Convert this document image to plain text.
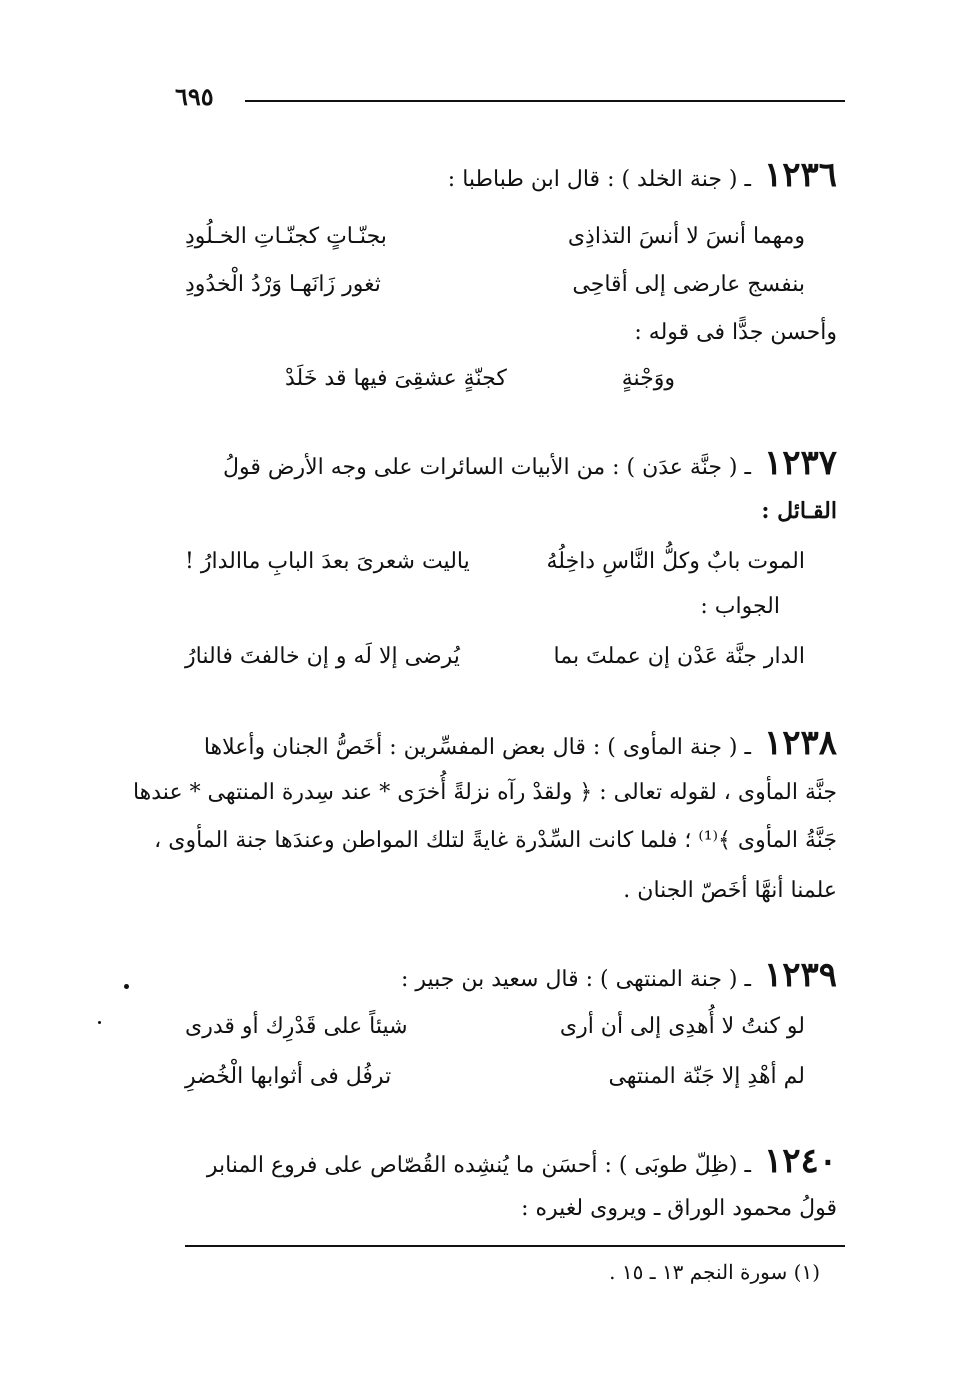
٦٩٥
١٢٣٦ ـ ( جنة الخلد ) : قال ابن طباطبا :
ومهما أنسَ لا أنسَ التذاذِى
بجنّـاتٍ كجنّـاتِ الخـلُودِ
بنفسج عارضى إلى أقاحِى
ثغور زَانَهـا وَرْدُ الْخدُودِ
وأحسن جدًّا فى قوله :
ووَجْنةٍ
كجنّةٍ عشقِىَ فيها قد خَلَدْ
١٢٣٧ ـ ( جنَّة عدَن ) : من الأبيات السائرات على وجه الأرض قولُ
القـائل :
الموت بابٌ وكلُّ النَّاسِ داخِلُهُ
ياليت شعرىَ بعدَ البابِ ماالدارُ !
الجواب :
الدار جنَّة عَدْن إن عملتَ بما
يُرضى إلا لَه و إن خالفتَ فالنارُ
١٢٣٨ ـ ( جنة المأوى ) : قال بعض المفسِّرين : أخَصُّ الجنان وأعلاها
جنَّة المأوى ، لقوله تعالى : ﴿ ولقدْ رآه نزلةً أُخرَى * عند سِدرة المنتهى * عندها
جَنَّةُ المأوى ﴾⁽¹⁾ ؛ فلما كانت السِّدْرة غايةً لتلك المواطن وعندَها جنة المأوى ،
علمنا أنهَّا أخَصّ الجنان .
١٢٣٩ ـ ( جنة المنتهى ) : قال سعيد بن جبير :
لو كنتُ لا أُهدِى إلى أن أرى
شيئاً على قَدْرِك أو قدرى
لم أهْدِ إلا جَنّة المنتهى
ترفُل فى أثوابها الْخُضرِ
١٢٤٠ ـ (ظِلّ طوبَى ) : أحسَن ما يُنشِده القُصّاص على فروع المنابر
قولُ محمود الوراق ـ ويروى لغيره :
(١) سورة النجم ١٣ ـ ١٥ .
